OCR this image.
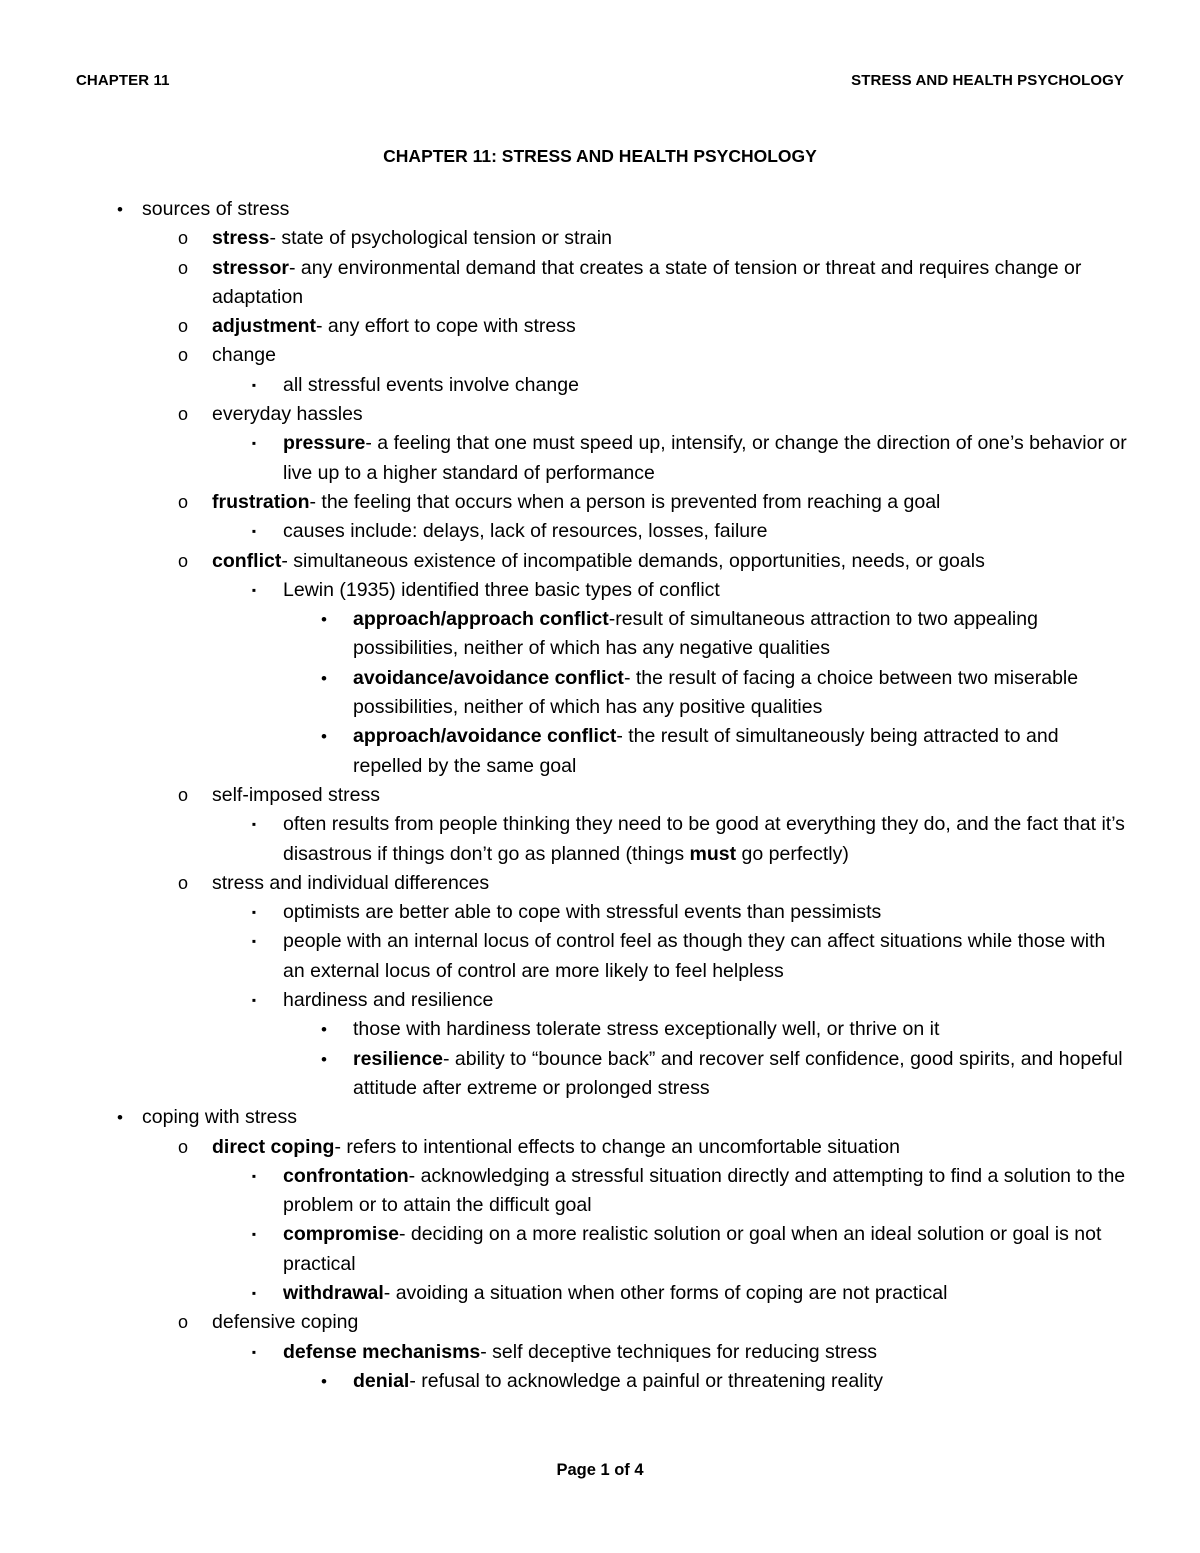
CHAPTER 11	STRESS AND HEALTH PSYCHOLOGY
CHAPTER 11: STRESS AND HEALTH PSYCHOLOGY
• sources of stress
o	stress- state of psychological tension or strain
o	stressor- any environmental demand that creates a state of tension or threat and requires change or adaptation
o	adjustment- any effort to cope with stress
o	change
▪	all stressful events involve change
o	everyday hassles
▪	pressure- a feeling that one must speed up, intensify, or change the direction of one’s behavior or live up to a higher standard of performance
o	frustration- the feeling that occurs when a person is prevented from reaching a goal
▪	causes include: delays, lack of resources, losses, failure
o	conflict- simultaneous existence of incompatible demands, opportunities, needs, or goals
▪	Lewin (1935) identified three basic types of conflict
•	approach/approach conflict-result of simultaneous attraction to two appealing possibilities, neither of which has any negative qualities
•	avoidance/avoidance conflict- the result of facing a choice between two miserable possibilities, neither of which has any positive qualities
•	approach/avoidance conflict- the result of simultaneously being attracted to and repelled by the same goal
o	self-imposed stress
▪	often results from people thinking they need to be good at everything they do, and the fact that it’s disastrous if things don’t go as planned (things must go perfectly)
o	stress and individual differences
▪	optimists are better able to cope with stressful events than pessimists
▪	people with an internal locus of control feel as though they can affect situations while those with an external locus of control are more likely to feel helpless
▪	hardiness and resilience
•	those with hardiness tolerate stress exceptionally well, or thrive on it
•	resilience- ability to “bounce back” and recover self confidence, good spirits, and hopeful attitude after extreme or prolonged stress
• coping with stress
o	direct coping- refers to intentional effects to change an uncomfortable situation
▪	confrontation- acknowledging a stressful situation directly and attempting to find a solution to the problem or to attain the difficult goal
▪	compromise- deciding on a more realistic solution or goal when an ideal solution or goal is not practical
▪	withdrawal- avoiding a situation when other forms of coping are not practical
o	defensive coping
▪	defense mechanisms- self deceptive techniques for reducing stress
•	denial- refusal to acknowledge a painful or threatening reality
Page 1 of 4
